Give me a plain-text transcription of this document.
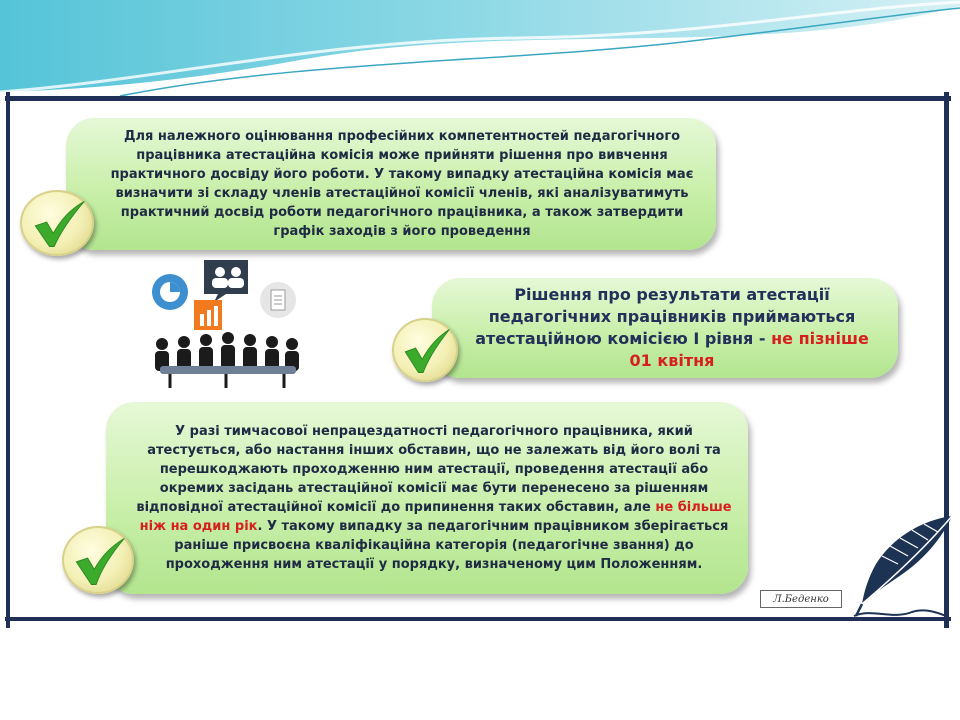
Для належного оцінювання професійних компетентностей педагогічного працівника атестаційна комісія може прийняти рішення про вивчення практичного досвіду його роботи. У такому випадку атестаційна комісія має визначити зі складу членів атестаційної комісії членів, які аналізуватимуть практичний досвід роботи педагогічного працівника, а також затвердити графік заходів з його проведення
Рішення про результати атестації педагогічних працівників приймаються атестаційною комісією І рівня - не пізніше 01 квітня
У разі тимчасової непрацездатності педагогічного працівника, який атестується, або настання інших обставин, що не залежать від його волі та перешкоджають проходженню ним атестації, проведення атестації або окремих засідань атестаційної комісії має бути перенесено за рішенням відповідної атестаційної комісії до припинення таких обставин, але не більше ніж на один рік. У такому випадку за педагогічним працівником зберігається раніше присвоєна кваліфікаційна категорія (педагогічне звання) до проходження ним атестації у порядку, визначеному цим Положенням.
Л.Беденко
